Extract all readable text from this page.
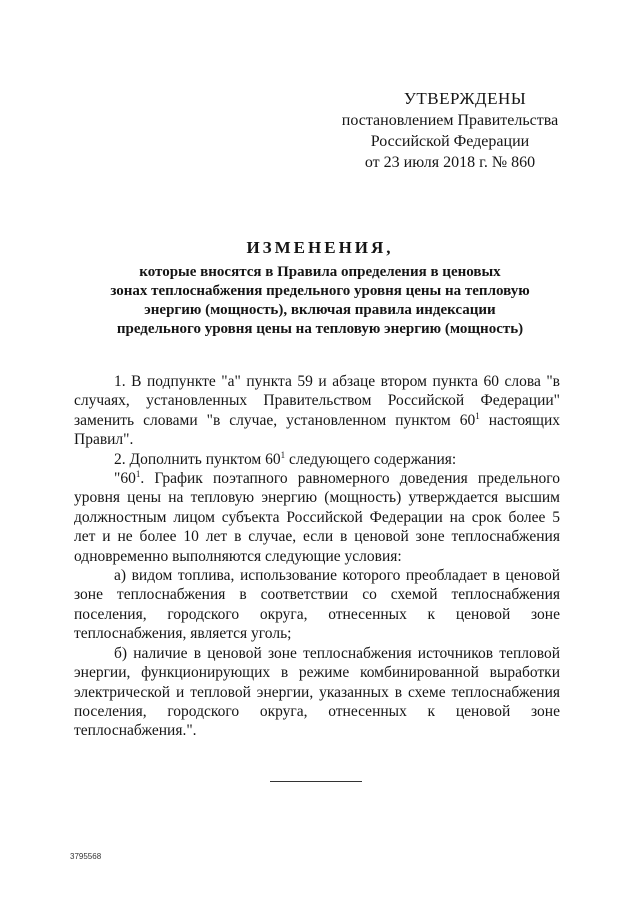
УТВЕРЖДЕНЫ
постановлением Правительства
Российской Федерации
от 23 июля 2018 г. № 860
ИЗМЕНЕНИЯ,
которые вносятся в Правила определения в ценовых
зонах теплоснабжения предельного уровня цены на тепловую
энергию (мощность), включая правила индексации
предельного уровня цены на тепловую энергию (мощность)

1. В подпункте "а" пункта 59 и абзаце втором пункта 60 слова "в случаях, установленных Правительством Российской Федерации" заменить словами "в случае, установленном пунктом $60^1$ настоящих Правил".

2. Дополнить пунктом $60^1$ следующего содержания:

"$60^1$. График поэтапного равномерного доведения предельного уровня цены на тепловую энергию (мощность) утверждается высшим должностным лицом субъекта Российской Федерации на срок более 5 лет и не более 10 лет в случае, если в ценовой зоне теплоснабжения одновременно выполняются следующие условия:

а) видом топлива, использование которого преобладает в ценовой зоне теплоснабжения в соответствии со схемой теплоснабжения поселения, городского округа, отнесенных к ценовой зоне теплоснабжения, является уголь;

б) наличие в ценовой зоне теплоснабжения источников тепловой энергии, функционирующих в режиме комбинированной выработки электрической и тепловой энергии, указанных в схеме теплоснабжения поселения, городского округа, отнесенных к ценовой зоне теплоснабжения.".

3795568
